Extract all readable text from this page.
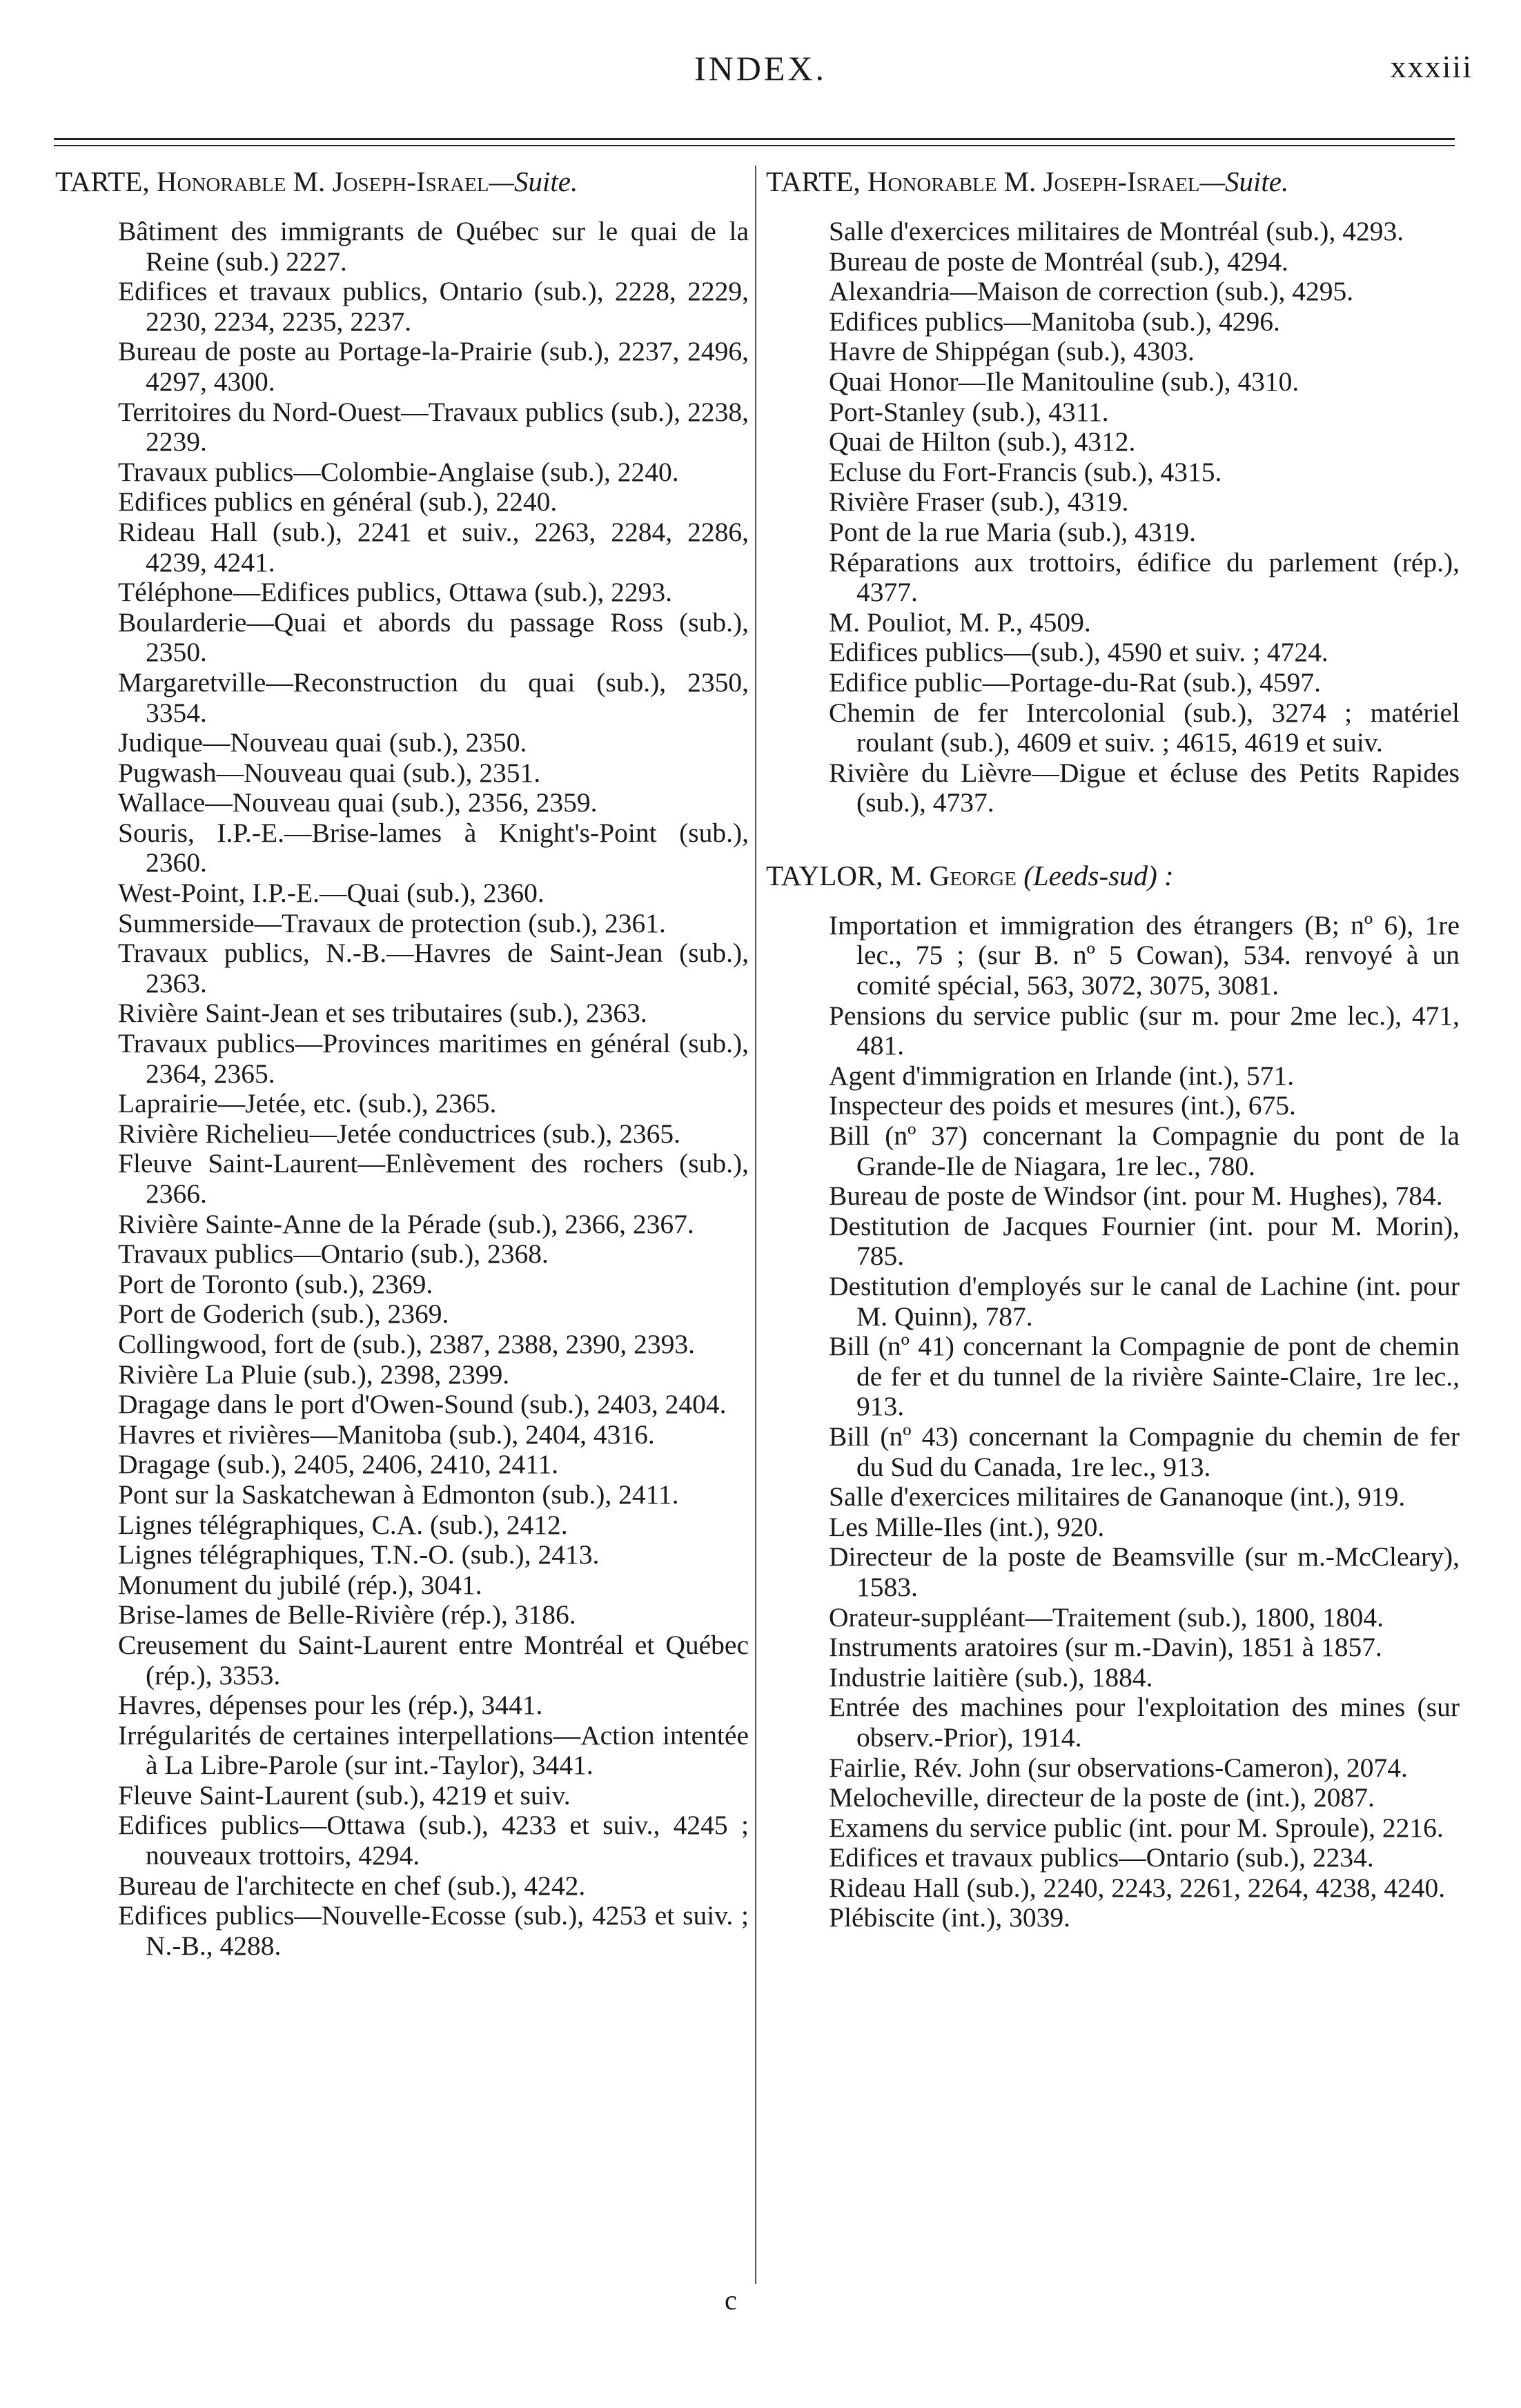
INDEX.	xxxiii
TARTE, Honorable M. Joseph-Israel—Suite.
Bâtiment des immigrants de Québec sur le quai de la Reine (sub.) 2227.
Edifices et travaux publics, Ontario (sub.), 2228, 2229, 2230, 2234, 2235, 2237.
Bureau de poste au Portage-la-Prairie (sub.), 2237, 2496, 4297, 4300.
Territoires du Nord-Ouest—Travaux publics (sub.), 2238, 2239.
Travaux publics—Colombie-Anglaise (sub.), 2240.
Edifices publics en général (sub.), 2240.
Rideau Hall (sub.), 2241 et suiv., 2263, 2284, 2286, 4239, 4241.
Téléphone—Edifices publics, Ottawa (sub.), 2293.
Boularderie—Quai et abords du passage Ross (sub.), 2350.
Margaretville—Reconstruction du quai (sub.), 2350, 3354.
Judique—Nouveau quai (sub.), 2350.
Pugwash—Nouveau quai (sub.), 2351.
Wallace—Nouveau quai (sub.), 2356, 2359.
Souris, I.P.-E.—Brise-lames à Knight's-Point (sub.), 2360.
West-Point, I.P.-E.—Quai (sub.), 2360.
Summerside—Travaux de protection (sub.), 2361.
Travaux publics, N.-B.—Havres de Saint-Jean (sub.), 2363.
Rivière Saint-Jean et ses tributaires (sub.), 2363.
Travaux publics—Provinces maritimes en général (sub.), 2364, 2365.
Laprairie—Jetée, etc. (sub.), 2365.
Rivière Richelieu—Jetée conductrices (sub.), 2365.
Fleuve Saint-Laurent—Enlèvement des rochers (sub.), 2366.
Rivière Sainte-Anne de la Pérade (sub.), 2366, 2367.
Travaux publics—Ontario (sub.), 2368.
Port de Toronto (sub.), 2369.
Port de Goderich (sub.), 2369.
Collingwood, fort de (sub.), 2387, 2388, 2390, 2393.
Rivière La Pluie (sub.), 2398, 2399.
Dragage dans le port d'Owen-Sound (sub.), 2403, 2404.
Havres et rivières—Manitoba (sub.), 2404, 4316.
Dragage (sub.), 2405, 2406, 2410, 2411.
Pont sur la Saskatchewan à Edmonton (sub.), 2411.
Lignes télégraphiques, C.A. (sub.), 2412.
Lignes télégraphiques, T.N.-O. (sub.), 2413.
Monument du jubilé (rép.), 3041.
Brise-lames de Belle-Rivière (rép.), 3186.
Creusement du Saint-Laurent entre Montréal et Québec (rép.), 3353.
Havres, dépenses pour les (rép.), 3441.
Irrégularités de certaines interpellations—Action intentée à La Libre-Parole (sur int.-Taylor), 3441.
Fleuve Saint-Laurent (sub.), 4219 et suiv.
Edifices publics—Ottawa (sub.), 4233 et suiv., 4245 ; nouveaux trottoirs, 4294.
Bureau de l'architecte en chef (sub.), 4242.
Edifices publics—Nouvelle-Ecosse (sub.), 4253 et suiv. ; N.-B., 4288.
TARTE, Honorable M. Joseph-Israel—Suite.
Salle d'exercices militaires de Montréal (sub.), 4293.
Bureau de poste de Montréal (sub.), 4294.
Alexandria—Maison de correction (sub.), 4295.
Edifices publics—Manitoba (sub.), 4296.
Havre de Shippégan (sub.), 4303.
Quai Honor—Ile Manitouline (sub.), 4310.
Port-Stanley (sub.), 4311.
Quai de Hilton (sub.), 4312.
Ecluse du Fort-Francis (sub.), 4315.
Rivière Fraser (sub.), 4319.
Pont de la rue Maria (sub.), 4319.
Réparations aux trottoirs, édifice du parlement (rép.), 4377.
M. Pouliot, M. P., 4509.
Edifices publics—(sub.), 4590 et suiv. ; 4724.
Edifice public—Portage-du-Rat (sub.), 4597.
Chemin de fer Intercolonial (sub.), 3274 ; matériel roulant (sub.), 4609 et suiv. ; 4615, 4619 et suiv.
Rivière du Lièvre—Digue et écluse des Petits Rapides (sub.), 4737.
TAYLOR, M. George (Leeds-sud) :
Importation et immigration des étrangers (B; nº 6), 1re lec., 75 ; (sur B. nº 5 Cowan), 534. renvoyé à un comité spécial, 563, 3072, 3075, 3081.
Pensions du service public (sur m. pour 2me lec.), 471, 481.
Agent d'immigration en Irlande (int.), 571.
Inspecteur des poids et mesures (int.), 675.
Bill (nº 37) concernant la Compagnie du pont de la Grande-Ile de Niagara, 1re lec., 780.
Bureau de poste de Windsor (int. pour M. Hughes), 784.
Destitution de Jacques Fournier (int. pour M. Morin), 785.
Destitution d'employés sur le canal de Lachine (int. pour M. Quinn), 787.
Bill (nº 41) concernant la Compagnie de pont de chemin de fer et du tunnel de la rivière Sainte-Claire, 1re lec., 913.
Bill (nº 43) concernant la Compagnie du chemin de fer du Sud du Canada, 1re lec., 913.
Salle d'exercices militaires de Gananoque (int.), 919.
Les Mille-Iles (int.), 920.
Directeur de la poste de Beamsville (sur m.-McCleary), 1583.
Orateur-suppléant—Traitement (sub.), 1800, 1804.
Instruments aratoires (sur m.-Davin), 1851 à 1857.
Industrie laitière (sub.), 1884.
Entrée des machines pour l'exploitation des mines (sur observ.-Prior), 1914.
Fairlie, Rév. John (sur observations-Cameron), 2074.
Melocheville, directeur de la poste de (int.), 2087.
Examens du service public (int. pour M. Sproule), 2216.
Edifices et travaux publics—Ontario (sub.), 2234.
Rideau Hall (sub.), 2240, 2243, 2261, 2264, 4238, 4240.
Plébiscite (int.), 3039.
c
